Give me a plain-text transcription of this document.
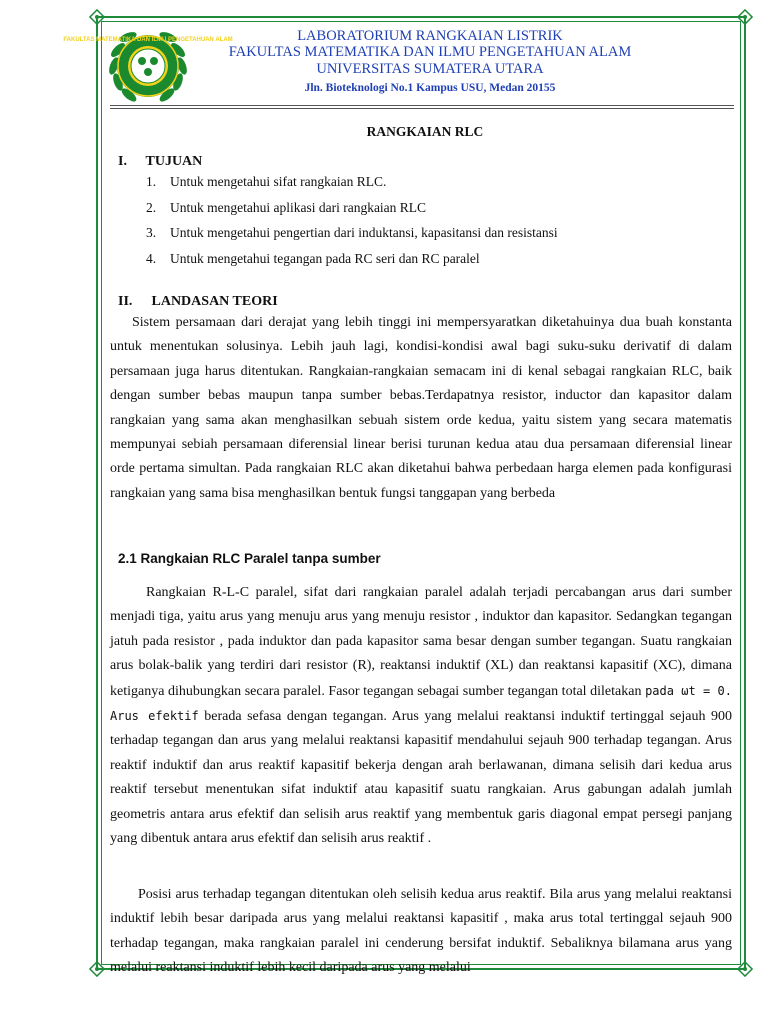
FAKULTAS MATEMATIKA DAN ILMU PENGETAHUAN ALAM	LABORATORIUM RANGKAIAN LISTRIK
FAKULTAS MATEMATIKA DAN ILMU PENGETAHUAN ALAM
UNIVERSITAS SUMATERA UTARA
Jln. Bioteknologi No.1 Kampus USU, Medan 20155
RANGKAIAN RLC
I. TUJUAN
1. Untuk mengetahui sifat rangkaian RLC.
2. Untuk mengetahui aplikasi dari rangkaian RLC
3. Untuk mengetahui pengertian dari induktansi, kapasitansi dan resistansi
4. Untuk mengetahui tegangan pada RC seri dan RC paralel
II. LANDASAN TEORI

Sistem persamaan dari derajat yang lebih tinggi ini mempersyaratkan diketahuinya dua buah konstanta untuk menentukan solusinya. Lebih jauh lagi, kondisi-kondisi awal bagi suku-suku derivatif di dalam persamaan juga harus ditentukan. Rangkaian-rangkaian semacam ini di kenal sebagai rangkaian RLC, baik dengan sumber bebas maupun tanpa sumber bebas.Terdapatnya resistor, inductor dan kapasitor dalam rangkaian yang sama akan menghasilkan sebuah sistem orde kedua, yaitu sistem yang secara matematis mempunyai sebiah persamaan diferensial linear berisi turunan kedua atau dua persamaan diferensial linear orde pertama simultan. Pada rangkaian RLC akan diketahui bahwa perbedaan harga elemen pada konfigurasi rangkaian yang sama bisa menghasilkan bentuk fungsi tanggapan yang berbeda

2.1 Rangkaian RLC Paralel tanpa sumber

Rangkaian R-L-C paralel, sifat dari rangkaian paralel adalah terjadi percabangan arus dari sumber menjadi tiga, yaitu arus yang menuju arus yang menuju resistor , induktor dan kapasitor. Sedangkan tegangan jatuh pada resistor , pada induktor dan pada kapasitor sama besar dengan sumber tegangan. Suatu rangkaian arus bolak-balik yang terdiri dari resistor (R), reaktansi induktif (XL) dan reaktansi kapasitif (XC), dimana ketiganya dihubungkan secara paralel. Fasor tegangan sebagai sumber tegangan total diletakan pada ωt = 0. Arus efektif berada sefasa dengan tegangan. Arus yang melalui reaktansi induktif tertinggal sejauh 900 terhadap tegangan dan arus yang melalui reaktansi kapasitif mendahului sejauh 900 terhadap tegangan. Arus reaktif induktif dan arus reaktif kapasitif bekerja dengan arah berlawanan, dimana selisih dari kedua arus reaktif tersebut menentukan sifat induktif atau kapasitif suatu rangkaian. Arus gabungan adalah jumlah geometris antara arus efektif dan selisih arus reaktif yang membentuk garis diagonal empat persegi panjang yang dibentuk antara arus efektif dan selisih arus reaktif .

Posisi arus terhadap tegangan ditentukan oleh selisih kedua arus reaktif. Bila arus yang melalui reaktansi induktif lebih besar daripada arus yang melalui reaktansi kapasitif , maka arus total tertinggal sejauh 900 terhadap tegangan, maka rangkaian paralel ini cenderung bersifat induktif. Sebaliknya bilamana arus yang melalui reaktansi induktif lebih kecil daripada arus yang melalui
